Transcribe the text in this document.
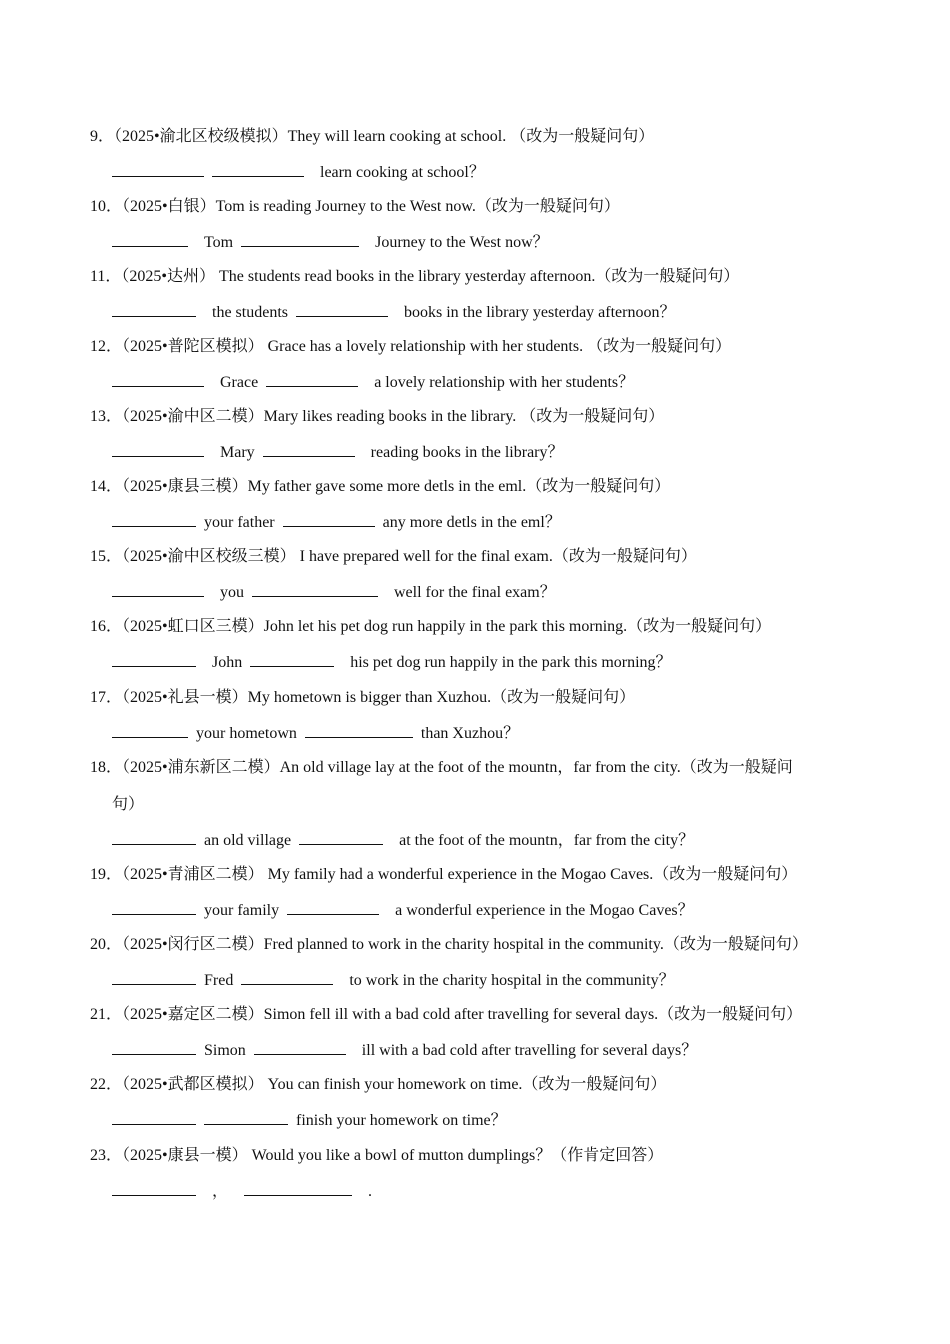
9．（2025•渝北区校级模拟）They will learn cooking at school. （改为一般疑问句）
learn cooking at school？
10．（2025•白银）Tom is reading Journey to the West now.（改为一般疑问句）
Tom	Journey to the West now？
11．（2025•达州） The students read books in the library yesterday afternoon.（改为一般疑问句）
the students	books in the library yesterday afternoon？
12．（2025•普陀区模拟） Grace has a lovely relationship with her students. （改为一般疑问句）
Grace	a lovely relationship with her students？
13．（2025•渝中区二模）Mary likes reading books in the library. （改为一般疑问句）
Mary	reading books in the library？
14．（2025•康县三模）My father gave some more detls in the eml.（改为一般疑问句）
your father	any more detls in the eml？
15．（2025•渝中区校级三模） I have prepared well for the final exam.（改为一般疑问句）
you	well for the final exam？
16．（2025•虹口区三模）John let his pet dog run happily in the park this morning.（改为一般疑问句）
John	his pet dog run happily in the park this morning？
17．（2025•礼县一模）My hometown is bigger than Xuzhou.（改为一般疑问句）
your hometown	than Xuzhou？
18．（2025•浦东新区二模）An old village lay at the foot of the mountn，far from the city.（改为一般疑问
句）
an old village	at the foot of the mountn，far from the city？
19．（2025•青浦区二模） My family had a wonderful experience in the Mogao Caves.（改为一般疑问句）
your family	a wonderful experience in the Mogao Caves？
20．（2025•闵行区二模）Fred planned to work in the charity hospital in the community.（改为一般疑问句）
Fred	to work in the charity hospital in the community？
21．（2025•嘉定区二模）Simon fell ill with a bad cold after travelling for several days.（改为一般疑问句）
Simon	ill with a bad cold after travelling for several days？
22．（2025•武都区模拟） You can finish your homework on time.（改为一般疑问句）
finish your homework on time？
23．（2025•康县一模） Would you like a bowl of mutton dumplings？（作肯定回答）
，	.
